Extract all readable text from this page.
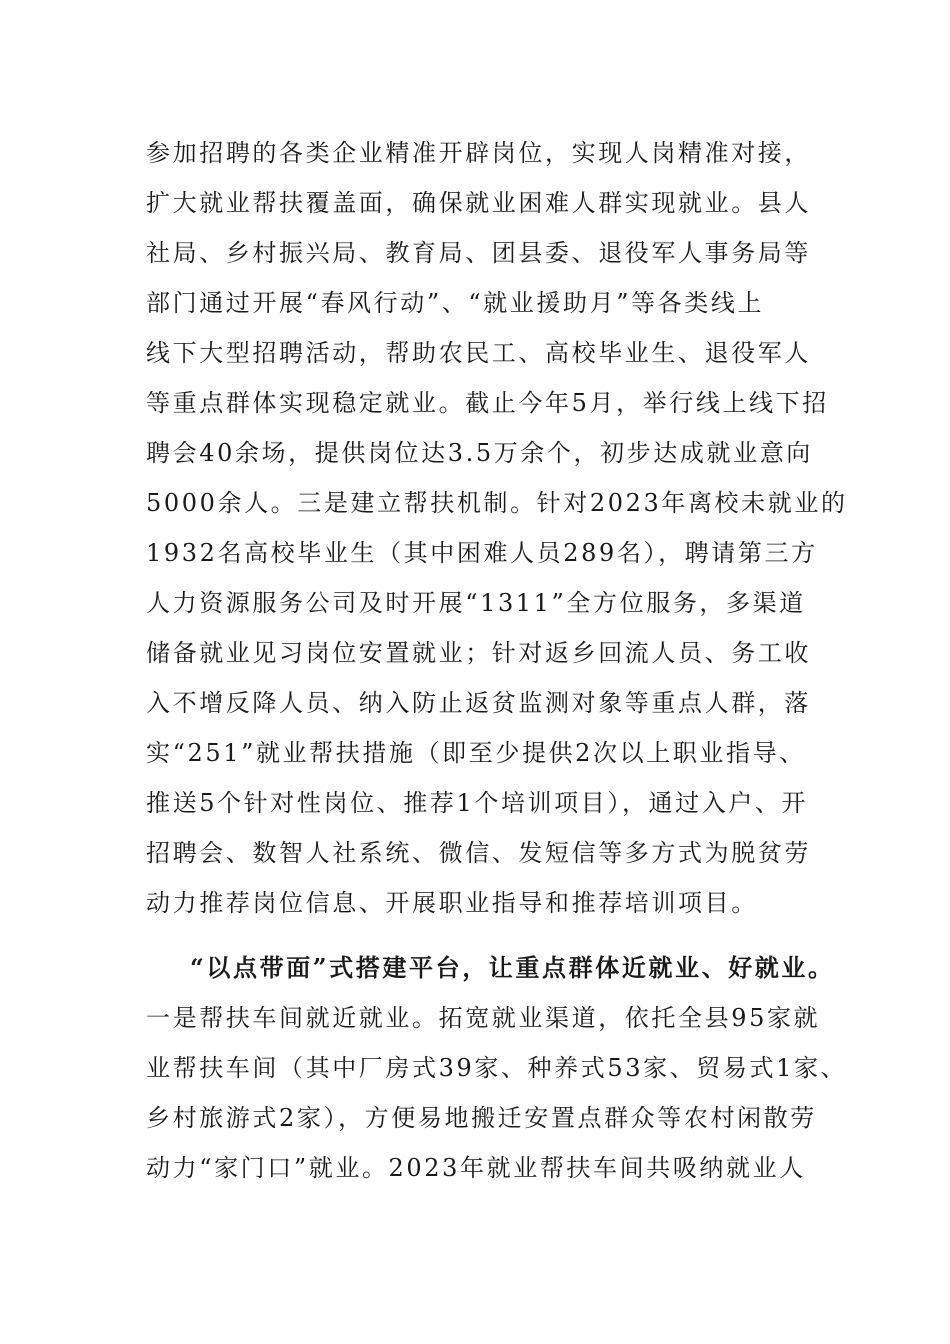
参加招聘的各类企业精准开辟岗位，实现人岗精准对接，
扩大就业帮扶覆盖面，确保就业困难人群实现就业。县人
社局、乡村振兴局、教育局、团县委、退役军人事务局等
部门通过开展“春风行动”、“就业援助月”等各类线上
线下大型招聘活动，帮助农民工、高校毕业生、退役军人
等重点群体实现稳定就业。截止今年5月，举行线上线下招
聘会40余场，提供岗位达3.5万余个，初步达成就业意向
5000余人。三是建立帮扶机制。针对2023年离校未就业的
1932名高校毕业生（其中困难人员289名），聘请第三方
人力资源服务公司及时开展“1311”全方位服务，多渠道
储备就业见习岗位安置就业；针对返乡回流人员、务工收
入不增反降人员、纳入防止返贫监测对象等重点人群，落
实“251”就业帮扶措施（即至少提供2次以上职业指导、
推送5个针对性岗位、推荐1个培训项目），通过入户、开
招聘会、数智人社系统、微信、发短信等多方式为脱贫劳
动力推荐岗位信息、开展职业指导和推荐培训项目。
“以点带面”式搭建平台，让重点群体近就业、好就业。
一是帮扶车间就近就业。拓宽就业渠道，依托全县95家就
业帮扶车间（其中厂房式39家、种养式53家、贸易式1家、
乡村旅游式2家），方便易地搬迁安置点群众等农村闲散劳
动力“家门口”就业。2023年就业帮扶车间共吸纳就业人
